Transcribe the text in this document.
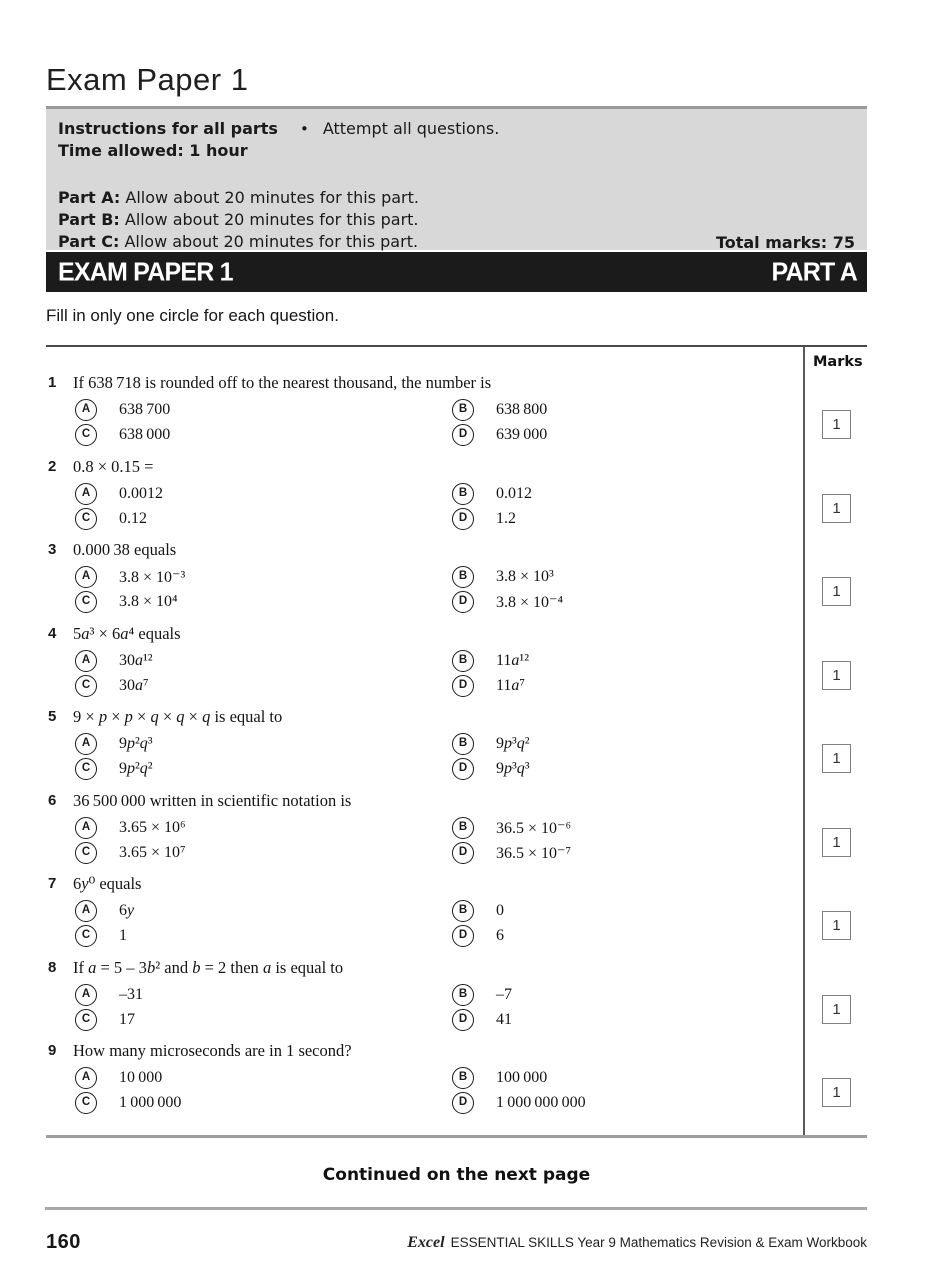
Exam Paper 1
Instructions for all parts • Attempt all questions.
Time allowed: 1 hour
Part A: Allow about 20 minutes for this part.
Part B: Allow about 20 minutes for this part.
Part C: Allow about 20 minutes for this part.	Total marks: 75
EXAM PAPER 1	PART A
Fill in only one circle for each question.
1 If 638 718 is rounded off to the nearest thousand, the number is
A 638 700	B 638 800
C 638 000	D 639 000
2 0.8 × 0.15 =
A 0.0012	B 0.012
C 0.12	D 1.2
3 0.000 38 equals
A 3.8 × 10⁻³	B 3.8 × 10³
C 3.8 × 10⁴	D 3.8 × 10⁻⁴
4 5a³ × 6a⁴ equals
A 30a¹²	B 11a¹²
C 30a⁷	D 11a⁷
5 9 × p × p × q × q × q is equal to
A 9p²q³	B 9p³q²
C 9p²q²	D 9p³q³
6 36 500 000 written in scientific notation is
A 3.65 × 10⁶	B 36.5 × 10⁻⁶
C 3.65 × 10⁷	D 36.5 × 10⁻⁷
7 6y⁰ equals
A 6y	B 0
C 1	D 6
8 If a = 5 – 3b² and b = 2 then a is equal to
A –31	B –7
C 17	D 41
9 How many microseconds are in 1 second?
A 10 000	B 100 000
C 1 000 000	D 1 000 000 000
Marks
1
1
1
1
1
1
1
1
1
Continued on the next page
160	Excel ESSENTIAL SKILLS Year 9 Mathematics Revision & Exam Workbook
